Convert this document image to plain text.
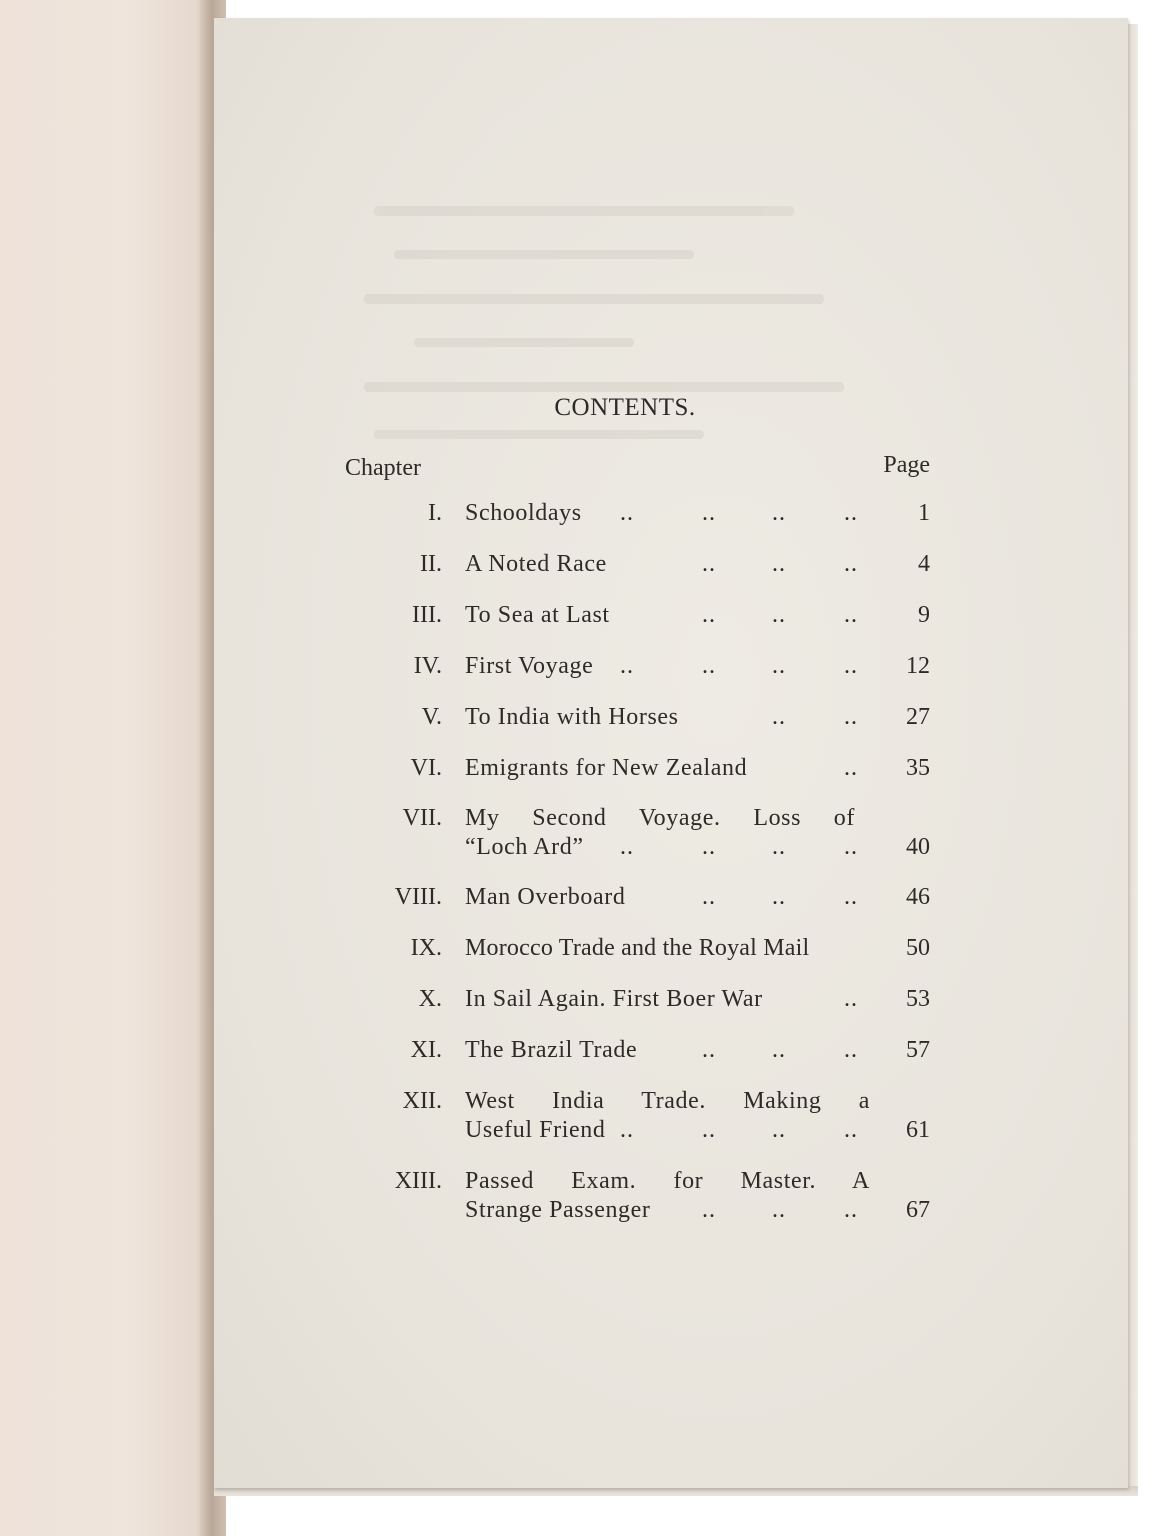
CONTENTS.
Chapter	Page
I. Schooldays	..	.. .. ..	1
II. A Noted Race	.. .. ..	4
III. To Sea at Last	.. .. ..	9
IV. First Voyage	..	.. .. ..	12
V. To India with Horses	.. ..	27
VI. Emigrants for New Zealand	..	35
VII. My Second Voyage. Loss of
“Loch Ard”	..	.. .. ..	40
VIII. Man Overboard	.. .. ..	46
IX. Morocco Trade and the Royal Mail	50
X. In Sail Again. First Boer War	..	53
XI. The Brazil Trade	.. .. ..	57
XII. West India Trade. Making a
Useful Friend ..	.. .. ..	61
XIII. Passed Exam. for Master. A
Strange Passenger	.. .. ..	67
